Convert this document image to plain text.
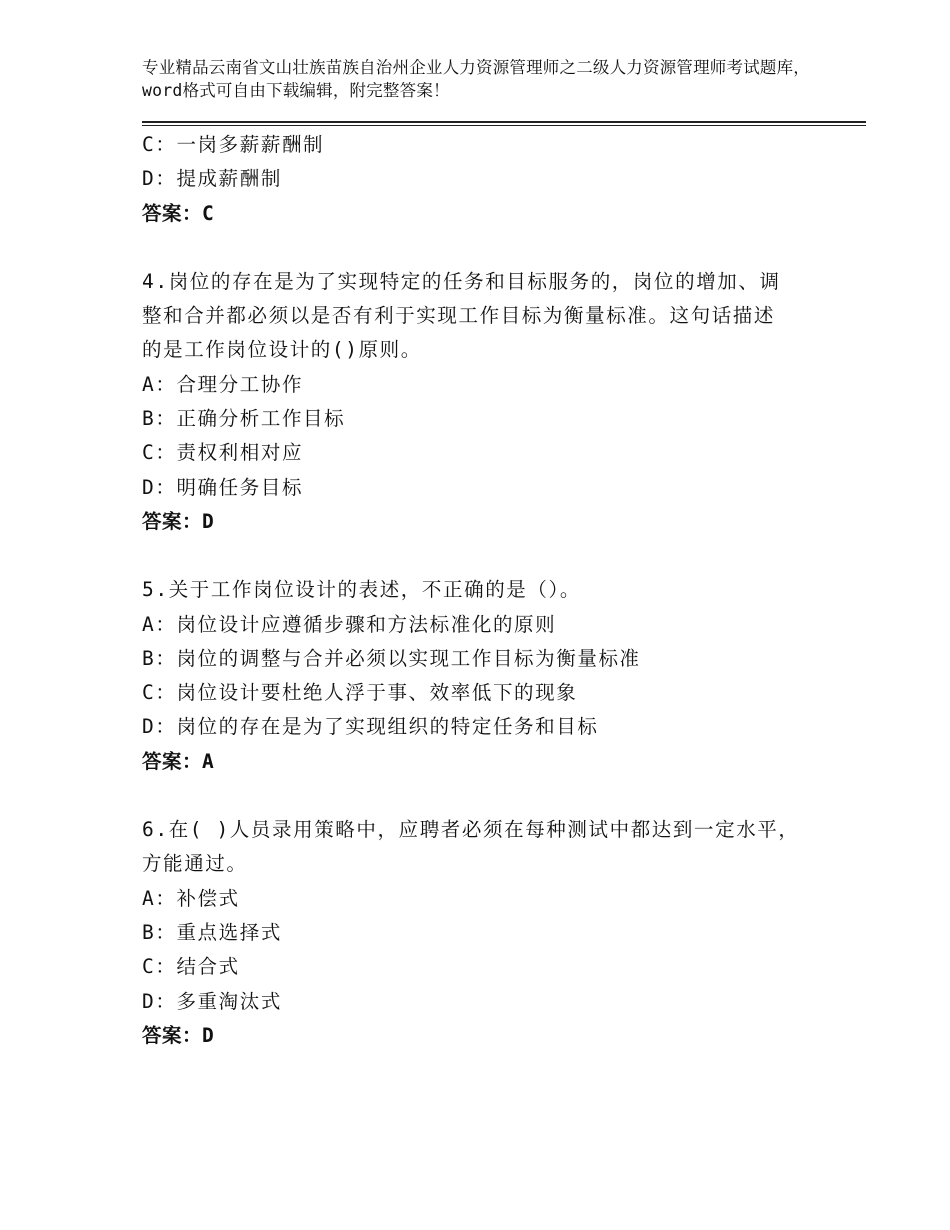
专业精品云南省文山壮族苗族自治州企业人力资源管理师之二级人力资源管理师考试题库，word格式可自由下载编辑，附完整答案！
C：一岗多薪薪酬制
D：提成薪酬制
答案：C
4.岗位的存在是为了实现特定的任务和目标服务的，岗位的增加、调
整和合并都必须以是否有利于实现工作目标为衡量标准。这句话描述
的是工作岗位设计的()原则。
A：合理分工协作
B：正确分析工作目标
C：责权利相对应
D：明确任务目标
答案：D
5.关于工作岗位设计的表述，不正确的是（）。
A：岗位设计应遵循步骤和方法标准化的原则
B：岗位的调整与合并必须以实现工作目标为衡量标准
C：岗位设计要杜绝人浮于事、效率低下的现象
D：岗位的存在是为了实现组织的特定任务和目标
答案：A
6.在( )人员录用策略中，应聘者必须在每种测试中都达到一定水平，
方能通过。
A：补偿式
B：重点选择式
C：结合式
D：多重淘汰式
答案：D
